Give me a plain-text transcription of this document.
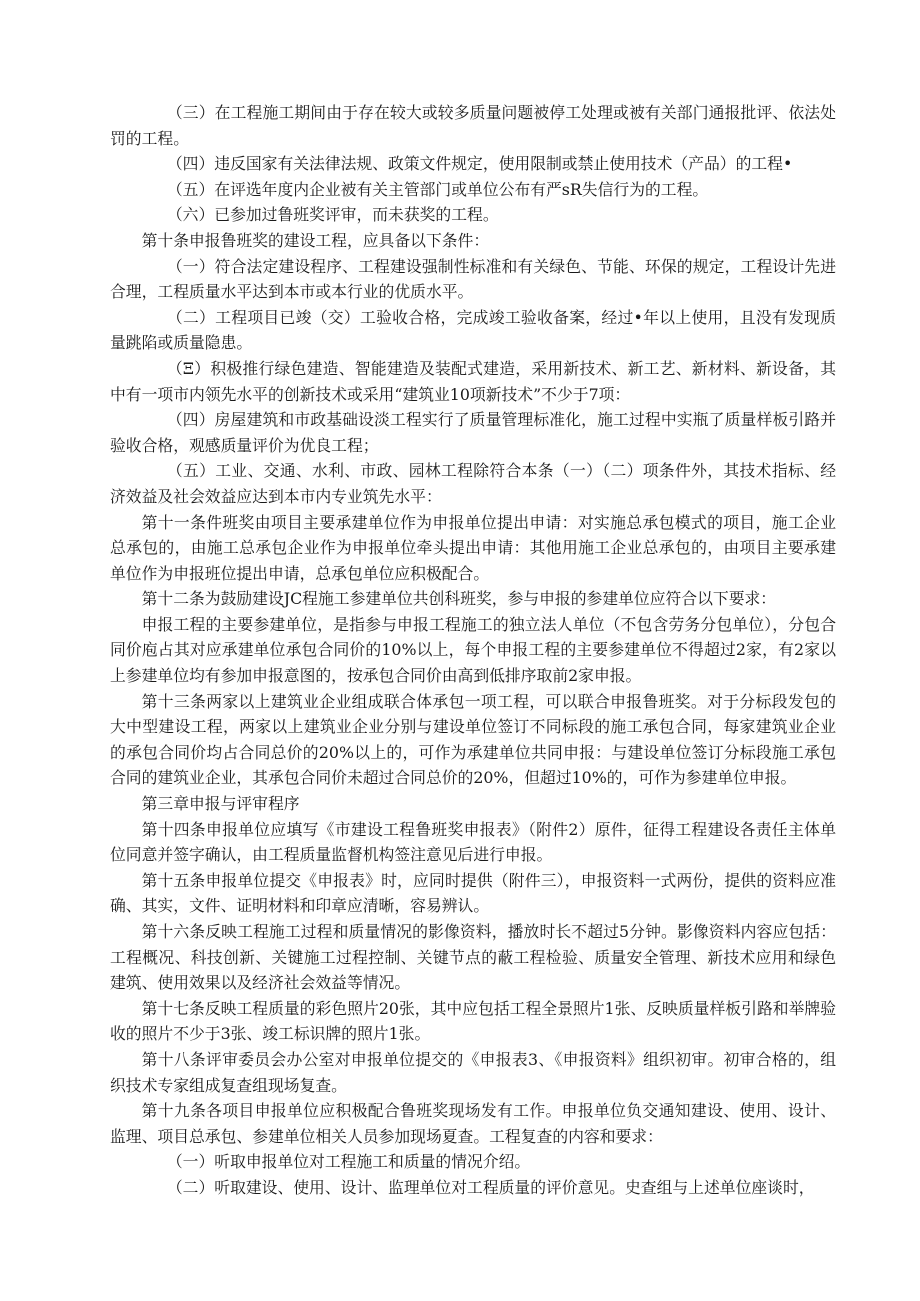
（三）在工程施工期间由于存在较大或较多质量问题被停工处理或被有关部门通报批评、依法处罚的工程。

（四）违反国家有关法律法规、政策文件规定，使用限制或禁止使用技术（产品）的工程•

（五）在评选年度内企业被有关主管部门或单位公布有严sR失信行为的工程。

（六）已参加过鲁班奖评审，而未获奖的工程。

第十条申报鲁班奖的建设工程，应具备以下条件：

（一）符合法定建设程序、工程建设强制性标准和有关绿色、节能、环保的规定，工程设计先进合理，工程质量水平达到本市或本行业的优质水平。

（二）工程项目已竣（交）工验收合格，完成竣工验收备案，经过•年以上使用，且没有发现质量跳陷或质量隐患。

（Ξ）积极推行绿色建造、智能建造及装配式建造，采用新技术、新工艺、新材料、新设备，其中有一项市内领先水平的创新技术或采用“建筑业10项新技术”不少于7项：

（四）房屋建筑和市政基础设淡工程实行了质量管理标准化，施工过程中实瓶了质量样板引路并验收合格，观感质量评价为优良工程；

（五）工业、交通、水利、市政、园林工程除符合本条（一）（二）项条件外，其技术指标、经济效益及社会效益应达到本市内专业筑先水平：

第十一条件班奖由项目主要承建单位作为申报单位提出申请：对实施总承包模式的项目，施工企业总承包的，由施工总承包企业作为申报单位牵头提出申请：其他用施工企业总承包的，由项目主要承建单位作为申报班位提出申请，总承包单位应积极配合。

第十二条为鼓励建设JC程施工参建单位共创科班奖，参与申报的参建单位应符合以下要求：

申报工程的主要参建单位，是指参与申报工程施工的独立法人单位（不包含劳务分包单位），分包合同价庖占其对应承建单位承包合同价的10%以上，每个申报工程的主要参建单位不得超过2家，有2家以上参建单位均有参加申报意图的，按承包合同价由高到低排序取前2家申报。

第十三条两家以上建筑业企业组成联合体承包一项工程，可以联合申报鲁班奖。对于分标段发包的大中型建设工程，两家以上建筑业企业分别与建设单位签订不同标段的施工承包合同，每家建筑业企业的承包合同价均占合同总价的20%以上的，可作为承建单位共同申报：与建设单位签订分标段施工承包合同的建筑业企业，其承包合同价未超过合同总价的20%，但超过10%的，可作为参建单位申报。

第三章申报与评审程序

第十四条申报单位应填写《市建设工程鲁班奖申报表》（附件2）原件，征得工程建设各责任主体单位同意并签字确认，由工程质量监督机构签注意见后进行申报。

第十五条申报单位提交《申报表》时，应同时提供（附件三），申报资料一式两份，提供的资料应准确、其实，文件、证明材料和印章应清晰，容易辨认。

第十六条反映工程施工过程和质量情况的影像资料，播放时长不超过5分钟。影像资料内容应包括：工程概况、科技创新、关键施工过程控制、关键节点的蔽工程检验、质量安全管理、新技术应用和绿色建筑、使用效果以及经济社会效益等情况。

第十七条反映工程质量的彩色照片20张，其中应包括工程全景照片1张、反映质量样板引路和举牌验收的照片不少于3张、竣工标识牌的照片1张。

第十八条评审委员会办公室对申报单位提交的《申报表3、《申报资料》组织初审。初审合格的，组织技术专家组成复查组现场复查。

第十九条各项目申报单位应积极配合鲁班奖现场发有工作。申报单位负交通知建设、使用、设计、监理、项目总承包、参建单位相关人员参加现场夏查。工程复查的内容和要求：

（一）听取申报单位对工程施工和质量的情况介绍。

（二）听取建设、使用、设计、监理单位对工程质量的评价意见。史查组与上述单位座谈时，
